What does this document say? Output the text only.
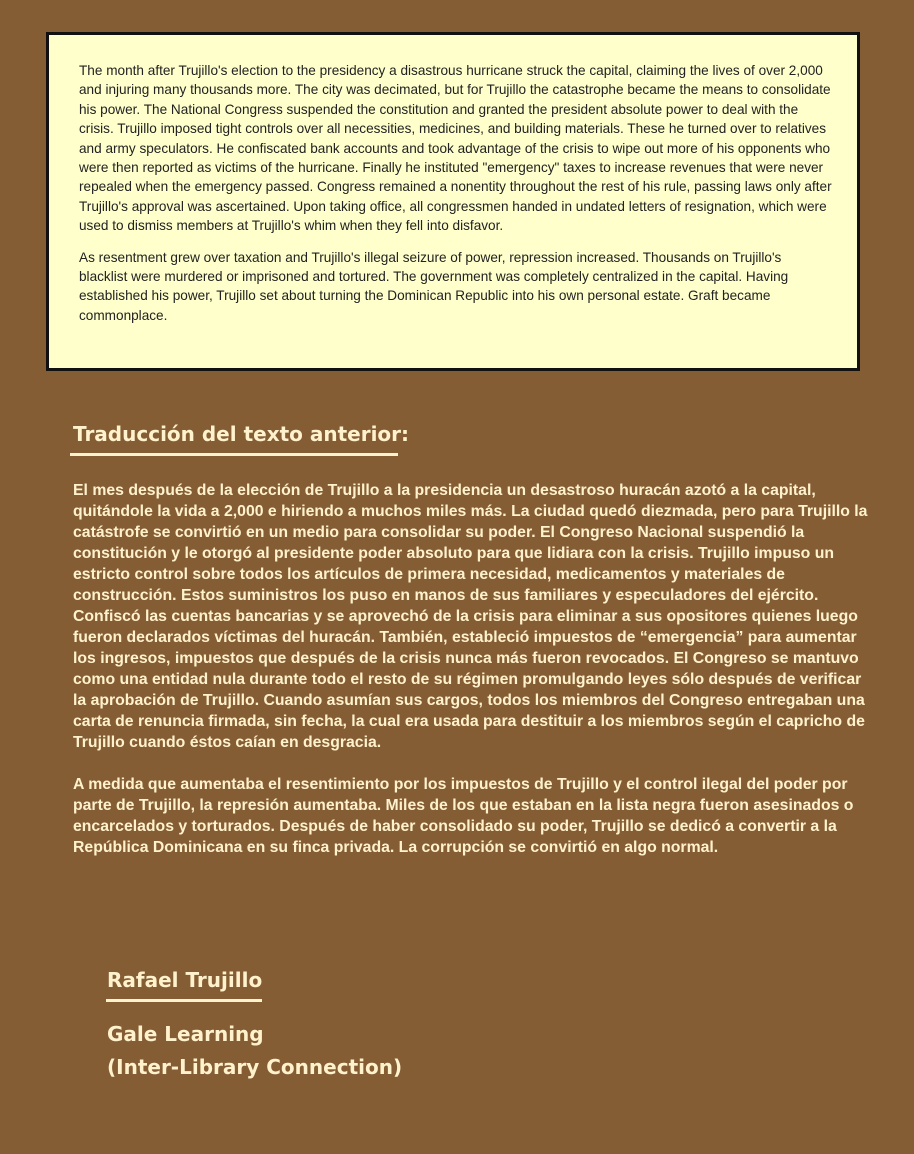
The month after Trujillo's election to the presidency a disastrous hurricane struck the capital, claiming the lives of over 2,000 and injuring many thousands more. The city was decimated, but for Trujillo the catastrophe became the means to consolidate his power. The National Congress suspended the constitution and granted the president absolute power to deal with the crisis. Trujillo imposed tight controls over all necessities, medicines, and building materials. These he turned over to relatives and army speculators. He confiscated bank accounts and took advantage of the crisis to wipe out more of his opponents who were then reported as victims of the hurricane. Finally he instituted "emergency" taxes to increase revenues that were never repealed when the emergency passed. Congress remained a nonentity throughout the rest of his rule, passing laws only after Trujillo's approval was ascertained. Upon taking office, all congressmen handed in undated letters of resignation, which were used to dismiss members at Trujillo's whim when they fell into disfavor.

As resentment grew over taxation and Trujillo's illegal seizure of power, repression increased. Thousands on Trujillo's blacklist were murdered or imprisoned and tortured. The government was completely centralized in the capital. Having established his power, Trujillo set about turning the Dominican Republic into his own personal estate. Graft became commonplace.

Traducción del texto anterior:

El mes después de la elección de Trujillo a la presidencia un desastroso huracán azotó a la capital, quitándole la vida a 2,000 e hiriendo a muchos miles más. La ciudad quedó diezmada, pero para Trujillo la catástrofe se convirtió en un medio para consolidar su poder. El Congreso Nacional suspendió la constitución y le otorgó al presidente poder absoluto para que lidiara con la crisis. Trujillo impuso un estricto control sobre todos los artículos de primera necesidad, medicamentos y materiales de construcción. Estos suministros los puso en manos de sus familiares y especuladores del ejército. Confiscó las cuentas bancarias y se aprovechó de la crisis para eliminar a sus opositores quienes luego fueron declarados víctimas del huracán. También, estableció impuestos de “emergencia” para aumentar los ingresos, impuestos que después de la crisis nunca más fueron revocados. El Congreso se mantuvo como una entidad nula durante todo el resto de su régimen promulgando leyes sólo después de verificar la aprobación de Trujillo. Cuando asumían sus cargos, todos los miembros del Congreso entregaban una carta de renuncia firmada, sin fecha, la cual era usada para destituir a los miembros según el capricho de Trujillo cuando éstos caían en desgracia.

A medida que aumentaba el resentimiento por los impuestos de Trujillo y el control ilegal del poder por parte de Trujillo, la represión aumentaba. Miles de los que estaban en la lista negra fueron asesinados o encarcelados y torturados. Después de haber consolidado su poder, Trujillo se dedicó a convertir a la República Dominicana en su finca privada. La corrupción se convirtió en algo normal.

Rafael Trujillo
Gale Learning
(Inter-Library Connection)
